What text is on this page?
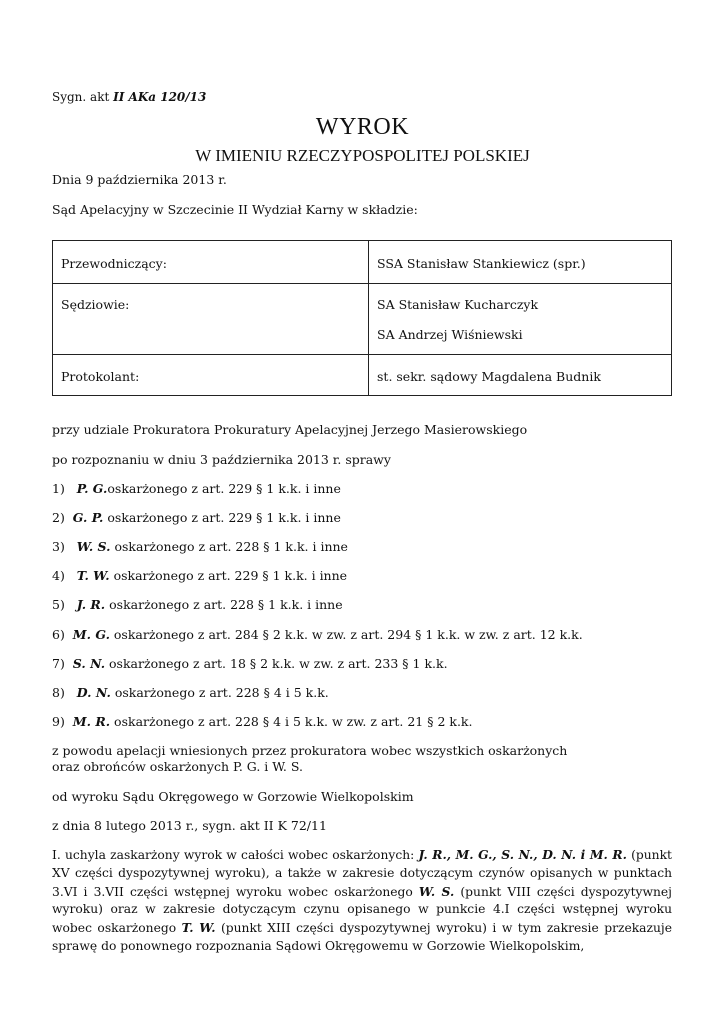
Sygn. akt II AKa 120/13

WYROK

W IMIENIU RZECZYPOSPOLITEJ POLSKIEJ

Dnia 9 października 2013 r.

Sąd Apelacyjny w Szczecinie II Wydział Karny w składzie:

Przewodniczący:	SSA Stanisław Stankiewicz (spr.)

Sędziowie:	SA Stanisław Kucharczyk
SA Andrzej Wiśniewski

Protokolant:	st. sekr. sądowy Magdalena Budnik

przy udziale Prokuratora Prokuratury Apelacyjnej Jerzego Masierowskiego

po rozpoznaniu w dniu 3 października 2013 r. sprawy

1) P. G.oskarżonego z art. 229 § 1 k.k. i inne

2) G. P. oskarżonego z art. 229 § 1 k.k. i inne

3) W. S. oskarżonego z art. 228 § 1 k.k. i inne

4) T. W. oskarżonego z art. 229 § 1 k.k. i inne

5) J. R. oskarżonego z art. 228 § 1 k.k. i inne

6) M. G. oskarżonego z art. 284 § 2 k.k. w zw. z art. 294 § 1 k.k. w zw. z art. 12 k.k.

7) S. N. oskarżonego z art. 18 § 2 k.k. w zw. z art. 233 § 1 k.k.

8) D. N. oskarżonego z art. 228 § 4 i 5 k.k.

9) M. R. oskarżonego z art. 228 § 4 i 5 k.k. w zw. z art. 21 § 2 k.k.

z powodu apelacji wniesionych przez prokuratora wobec wszystkich oskarżonych

oraz obrońców oskarżonych P. G. i W. S.

od wyroku Sądu Okręgowego w Gorzowie Wielkopolskim

z dnia 8 lutego 2013 r., sygn. akt II K 72/11

I. uchyla zaskarżony wyrok w całości wobec oskarżonych: J. R., M. G., S. N., D. N. i M. R. (punkt XV części dyspozytywnej wyroku), a także w zakresie dotyczącym czynów opisanych w punktach 3.VI i 3.VII części wstępnej wyroku wobec oskarżonego W. S. (punkt VIII części dyspozytywnej wyroku) oraz w zakresie dotyczącym czynu opisanego w punkcie 4.I części wstępnej wyroku wobec oskarżonego T. W. (punkt XIII części dyspozytywnej wyroku) i w tym zakresie przekazuje sprawę do ponownego rozpoznania Sądowi Okręgowemu w Gorzowie Wielkopolskim,
